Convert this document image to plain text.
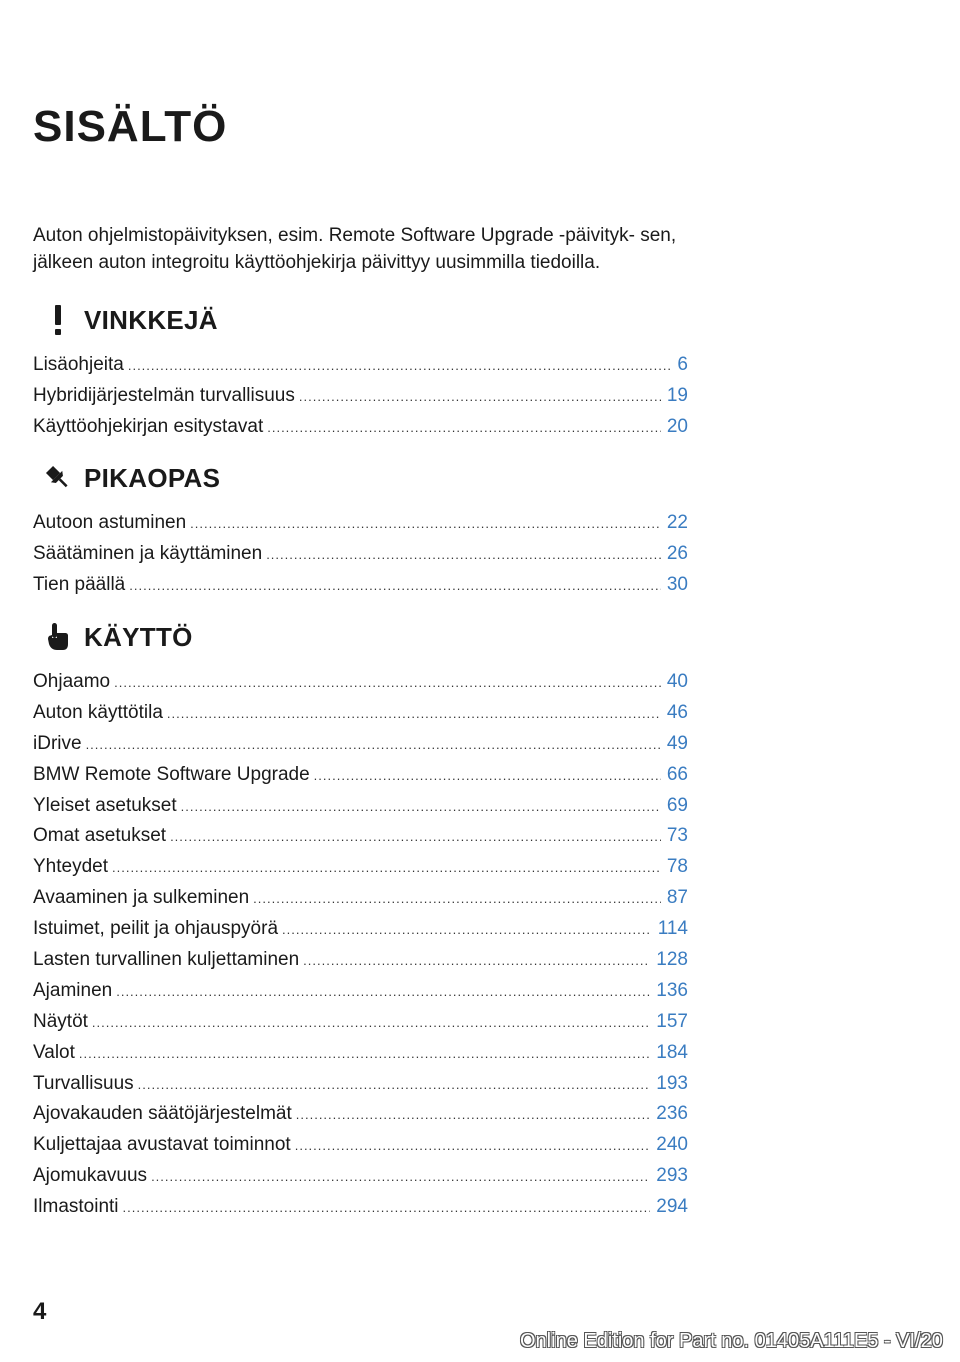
SISÄLTÖ

Auton ohjelmistopäivityksen, esim. Remote Software Upgrade -päivityk- sen, jälkeen auton integroitu käyttöohjekirja päivittyy uusimmilla tiedoilla.

VINKKEJÄ
Lisäohjeita .....	6
Hybridijärjestelmän turvallisuus .....	19
Käyttöohjekirjan esitystavat .....	20
PIKAOPAS
Autoon astuminen .....	22
Säätäminen ja käyttäminen .....	26
Tien päällä .....	30
KÄYTTÖ
Ohjaamo .....	40
Auton käyttötila .....	46
iDrive .....	49
BMW Remote Software Upgrade .....	66
Yleiset asetukset .....	69
Omat asetukset .....	73
Yhteydet .....	78
Avaaminen ja sulkeminen .....	87
Istuimet, peilit ja ohjauspyörä .....	114
Lasten turvallinen kuljettaminen .....	128
Ajaminen .....	136
Näytöt .....	157
Valot .....	184
Turvallisuus .....	193
Ajovakauden säätöjärjestelmät .....	236
Kuljettajaa avustavat toiminnot .....	240
Ajomukavuus .....	293
Ilmastointi .....	294
4
Online Edition for Part no. 01405A111E5 - VI/20
